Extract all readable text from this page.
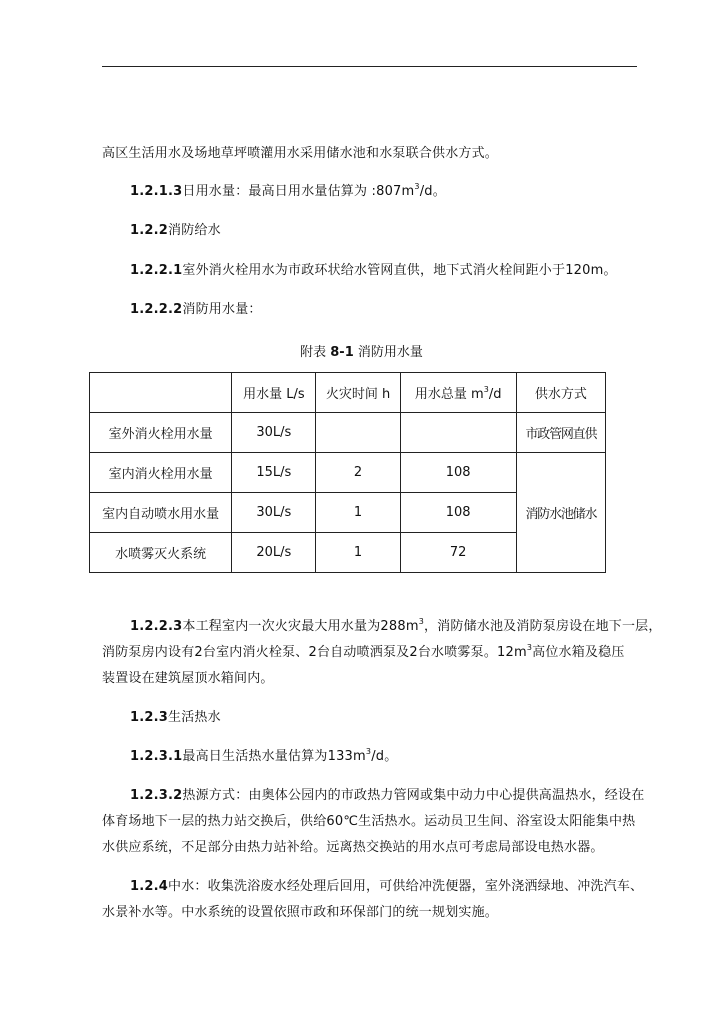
高区生活用水及场地草坪喷灌用水采用储水池和水泵联合供水方式。
1.2.1.3日用水量：最高日用水量估算为 $:807m^3/d$。
1.2.2消防给水
1.2.2.1室外消火栓用水为市政环状给水管网直供，地下式消火栓间距小于120m。
1.2.2.2消防用水量：
附表 8-1 消防用水量
	用水量 L/s	火灾时间 h	用水总量 $m^3/d$	供水方式
室外消火栓用水量	30L/s			市政管网直供
室内消火栓用水量	15L/s	2	108	消防水池储水
室内自动喷水用水量	30L/s	1	108	
水喷雾灭火系统	20L/s	1	72	
1.2.2.3本工程室内一次火灾最大用水量为$288m^3$，消防储水池及消防泵房设在地下一层，
消防泵房内设有2台室内消火栓泵、2台自动喷洒泵及2台水喷雾泵。$12m^3$高位水箱及稳压
装置设在建筑屋顶水箱间内。
1.2.3生活热水
1.2.3.1最高日生活热水量估算为$133m^3/d$。
1.2.3.2热源方式：由奥体公园内的市政热力管网或集中动力中心提供高温热水，经设在
体育场地下一层的热力站交换后，供给60℃生活热水。运动员卫生间、浴室设太阳能集中热
水供应系统，不足部分由热力站补给。远离热交换站的用水点可考虑局部设电热水器。
1.2.4中水：收集洗浴废水经处理后回用，可供给冲洗便器，室外浇洒绿地、冲洗汽车、
水景补水等。中水系统的设置依照市政和环保部门的统一规划实施。
